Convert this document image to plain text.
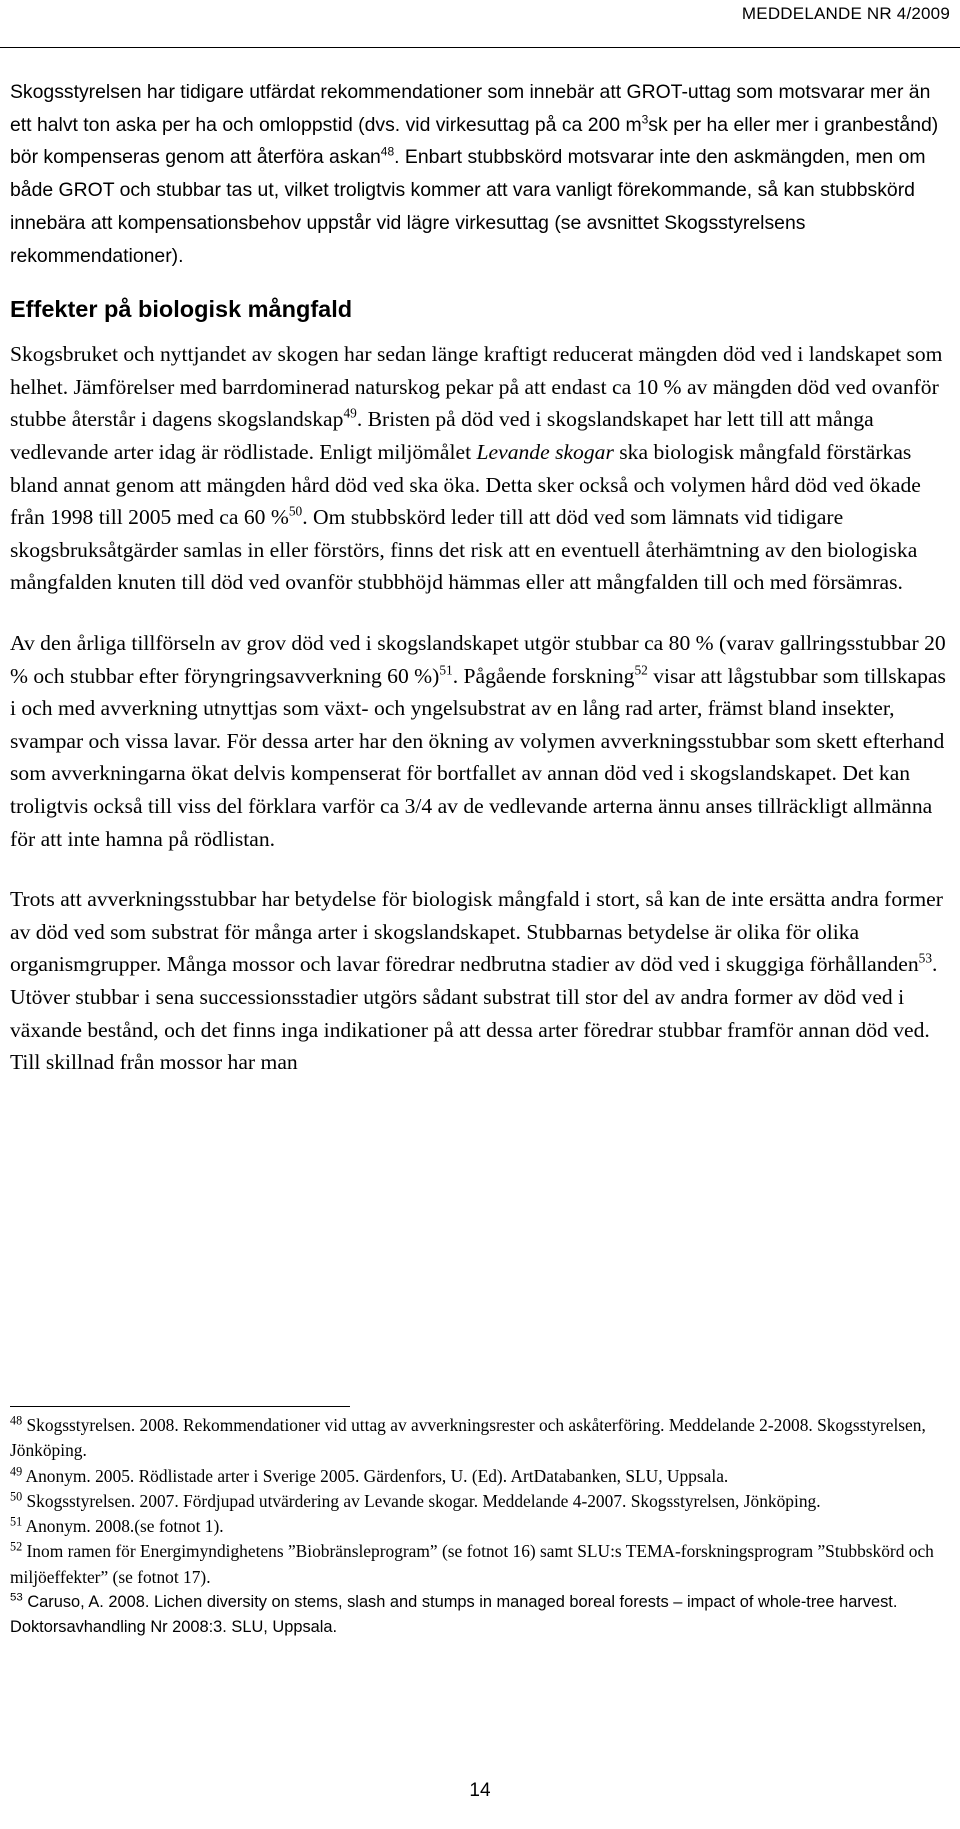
MEDDELANDE NR 4/2009

Skogsstyrelsen har tidigare utfärdat rekommendationer som innebär att GROT-uttag som motsvarar mer än ett halvt ton aska per ha och omloppstid (dvs. vid virkesuttag på ca 200 $m^3sk$ per ha eller mer i granbestånd) bör kompenseras genom att återföra askan$^{48}$. Enbart stubbskörd motsvarar inte den askmängden, men om både GROT och stubbar tas ut, vilket troligtvis kommer att vara vanligt förekommande, så kan stubbskörd innebära att kompensationsbehov uppstår vid lägre virkesuttag (se avsnittet Skogsstyrelsens rekommendationer).

Effekter på biologisk mångfald

Skogsbruket och nyttjandet av skogen har sedan länge kraftigt reducerat mängden död ved i landskapet som helhet. Jämförelser med barrdominerad naturskog pekar på att endast ca 10 % av mängden död ved ovanför stubbe återstår i dagens skogslandskap$^{49}$. Bristen på död ved i skogslandskapet har lett till att många vedlevande arter idag är rödlistade. Enligt miljömålet Levande skogar ska biologisk mångfald förstärkas bland annat genom att mängden hård död ved ska öka. Detta sker också och volymen hård död ved ökade från 1998 till 2005 med ca 60 %$^{50}$. Om stubbskörd leder till att död ved som lämnats vid tidigare skogsbruksåtgärder samlas in eller förstörs, finns det risk att en eventuell återhämtning av den biologiska mångfalden knuten till död ved ovanför stubbhöjd hämmas eller att mångfalden till och med försämras.

Av den årliga tillförseln av grov död ved i skogslandskapet utgör stubbar ca 80 % (varav gallringsstubbar 20 % och stubbar efter föryngringsavverkning 60 %)$^{51}$. Pågående forskning$^{52}$ visar att lågstubbar som tillskapas i och med avverkning utnyttjas som växt- och yngelsubstrat av en lång rad arter, främst bland insekter, svampar och vissa lavar. För dessa arter har den ökning av volymen avverkningsstubbar som skett efterhand som avverkningarna ökat delvis kompenserat för bortfallet av annan död ved i skogslandskapet. Det kan troligtvis också till viss del förklara varför ca 3/4 av de vedlevande arterna ännu anses tillräckligt allmänna för att inte hamna på rödlistan.

Trots att avverkningsstubbar har betydelse för biologisk mångfald i stort, så kan de inte ersätta andra former av död ved som substrat för många arter i skogslandskapet. Stubbarnas betydelse är olika för olika organismgrupper. Många mossor och lavar föredrar nedbrutna stadier av död ved i skuggiga förhållanden$^{53}$. Utöver stubbar i sena successionsstadier utgörs sådant substrat till stor del av andra former av död ved i växande bestånd, och det finns inga indikationer på att dessa arter föredrar stubbar framför annan död ved. Till skillnad från mossor har man

$^{48}$ Skogsstyrelsen. 2008. Rekommendationer vid uttag av avverkningsrester och askåterföring. Meddelande 2-2008. Skogsstyrelsen, Jönköping.

$^{49}$ Anonym. 2005. Rödlistade arter i Sverige 2005. Gärdenfors, U. (Ed). ArtDatabanken, SLU, Uppsala.

$^{50}$ Skogsstyrelsen. 2007. Fördjupad utvärdering av Levande skogar. Meddelande 4-2007. Skogsstyrelsen, Jönköping.

$^{51}$ Anonym. 2008.(se fotnot 1).

$^{52}$ Inom ramen för Energimyndighetens ”Biobränsleprogram” (se fotnot 16) samt SLU:s TEMA-forskningsprogram ”Stubbskörd och miljöeffekter” (se fotnot 17).

$^{53}$ Caruso, A. 2008. Lichen diversity on stems, slash and stumps in managed boreal forests – impact of whole-tree harvest. Doktorsavhandling Nr 2008:3. SLU, Uppsala.

14
